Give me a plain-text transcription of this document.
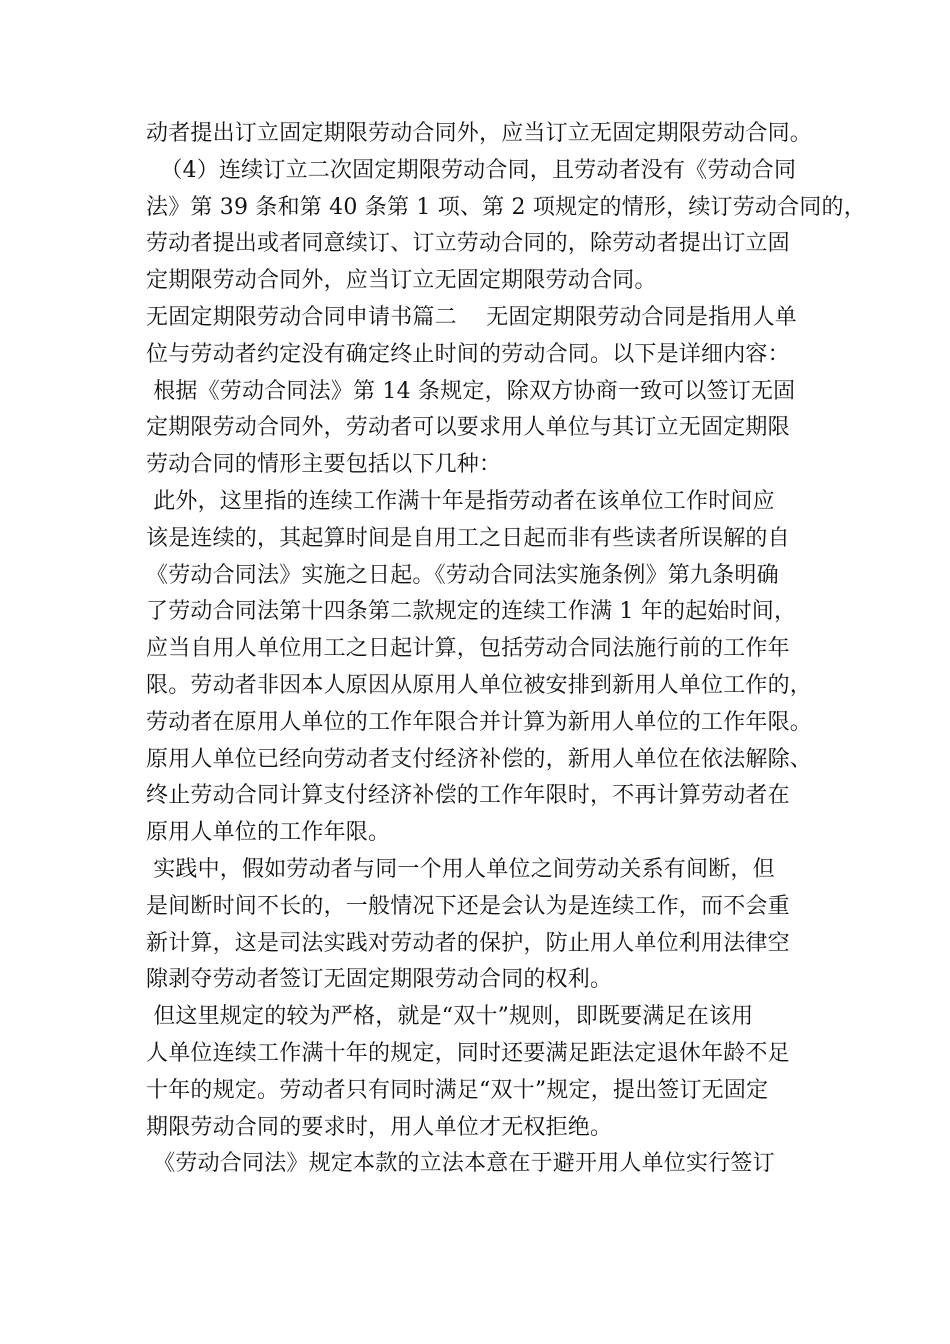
动者提出订立固定期限劳动合同外，应当订立无固定期限劳动合同。
（4）连续订立二次固定期限劳动合同，且劳动者没有《劳动合同
法》第 39 条和第 40 条第 1 项、第 2 项规定的情形，续订劳动合同的，
劳动者提出或者同意续订、订立劳动合同的，除劳动者提出订立固
定期限劳动合同外，应当订立无固定期限劳动合同。
无固定期限劳动合同申请书篇二　 无固定期限劳动合同是指用人单
位与劳动者约定没有确定终止时间的劳动合同。以下是详细内容：
根据《劳动合同法》第 14 条规定，除双方协商一致可以签订无固
定期限劳动合同外，劳动者可以要求用人单位与其订立无固定期限
劳动合同的情形主要包括以下几种：
此外，这里指的连续工作满十年是指劳动者在该单位工作时间应
该是连续的，其起算时间是自用工之日起而非有些读者所误解的自
《劳动合同法》实施之日起。《劳动合同法实施条例》第九条明确
了劳动合同法第十四条第二款规定的连续工作满 1 年的起始时间，
应当自用人单位用工之日起计算，包括劳动合同法施行前的工作年
限。劳动者非因本人原因从原用人单位被安排到新用人单位工作的，
劳动者在原用人单位的工作年限合并计算为新用人单位的工作年限。
原用人单位已经向劳动者支付经济补偿的，新用人单位在依法解除、
终止劳动合同计算支付经济补偿的工作年限时，不再计算劳动者在
原用人单位的工作年限。
实践中，假如劳动者与同一个用人单位之间劳动关系有间断，但
是间断时间不长的，一般情况下还是会认为是连续工作，而不会重
新计算，这是司法实践对劳动者的保护，防止用人单位利用法律空
隙剥夺劳动者签订无固定期限劳动合同的权利。
但这里规定的较为严格，就是“双十”规则，即既要满足在该用
人单位连续工作满十年的规定，同时还要满足距法定退休年龄不足
十年的规定。劳动者只有同时满足“双十”规定，提出签订无固定
期限劳动合同的要求时，用人单位才无权拒绝。
《劳动合同法》规定本款的立法本意在于避开用人单位实行签订
